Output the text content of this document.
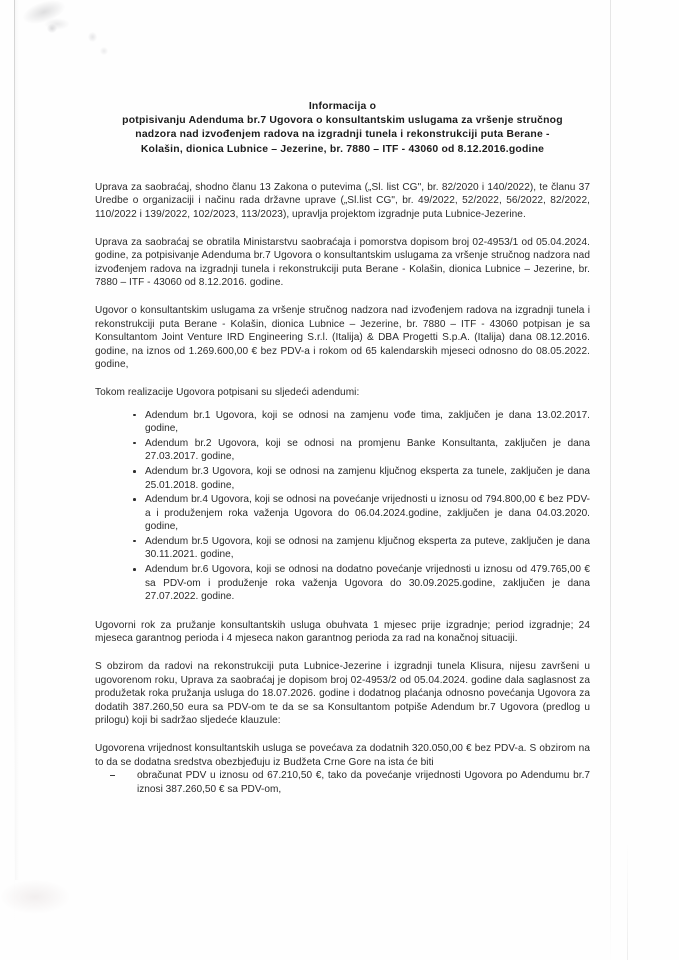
Informacija o
potpisivanju Adenduma br.7 Ugovora o konsultantskim uslugama za vršenje stručnog
nadzora nad izvođenjem radova na izgradnji tunela i rekonstrukciji puta Berane -
Kolašin, dionica Lubnice – Jezerine, br. 7880 – ITF - 43060 od 8.12.2016.godine

Uprava za saobraćaj, shodno članu 13 Zakona o putevima („Sl. list CG", br. 82/2020 i 140/2022), te članu 37 Uredbe o organizaciji i načinu rada državne uprave („Sl.list CG", br. 49/2022, 52/2022, 56/2022, 82/2022, 110/2022 i 139/2022, 102/2023, 113/2023), upravlja projektom izgradnje puta Lubnice-Jezerine.

Uprava za saobraćaj se obratila Ministarstvu saobraćaja i pomorstva dopisom broj 02-4953/1 od 05.04.2024. godine, za potpisivanje Adenduma br.7 Ugovora o konsultantskim uslugama za vršenje stručnog nadzora nad izvođenjem radova na izgradnji tunela i rekonstrukciji puta Berane - Kolašin, dionica Lubnice – Jezerine, br. 7880 – ITF - 43060 od 8.12.2016. godine.

Ugovor o konsultantskim uslugama za vršenje stručnog nadzora nad izvođenjem radova na izgradnji tunela i rekonstrukciji puta Berane - Kolašin, dionica Lubnice – Jezerine, br. 7880 – ITF - 43060 potpisan je sa Konsultantom Joint Venture IRD Engineering S.r.l. (Italija) & DBA Progetti S.p.A. (Italija) dana 08.12.2016. godine, na iznos od 1.269.600,00 € bez PDV-a i rokom od 65 kalendarskih mjeseci odnosno do 08.05.2022. godine,

Tokom realizacije Ugovora potpisani su sljedeći adendumi:

Adendum br.1 Ugovora, koji se odnosi na zamjenu vođe tima, zaključen je dana 13.02.2017. godine,
Adendum br.2 Ugovora, koji se odnosi na promjenu Banke Konsultanta, zaključen je dana 27.03.2017. godine,
Adendum br.3 Ugovora, koji se odnosi na zamjenu ključnog eksperta za tunele, zaključen je dana 25.01.2018. godine,
Adendum br.4 Ugovora, koji se odnosi na povećanje vrijednosti u iznosu od 794.800,00 € bez PDV-a i produženjem roka važenja Ugovora do 06.04.2024.godine, zaključen je dana 04.03.2020. godine,
Adendum br.5 Ugovora, koji se odnosi na zamjenu ključnog eksperta za puteve, zaključen je dana 30.11.2021. godine,
Adendum br.6 Ugovora, koji se odnosi na dodatno povećanje vrijednosti u iznosu od 479.765,00 € sa PDV-om i produženje roka važenja Ugovora do 30.09.2025.godine, zaključen je dana 27.07.2022. godine.

Ugovorni rok za pružanje konsultantskih usluga obuhvata 1 mjesec prije izgradnje; period izgradnje; 24 mjeseca garantnog perioda i 4 mjeseca nakon garantnog perioda za rad na konačnoj situaciji.

S obzirom da radovi na rekonstrukciji puta Lubnice-Jezerine i izgradnji tunela Klisura, nijesu završeni u ugovorenom roku, Uprava za saobraćaj je dopisom broj 02-4953/2 od 05.04.2024. godine dala saglasnost za produžetak roka pružanja usluga do 18.07.2026. godine i dodatnog plaćanja odnosno povećanja Ugovora za dodatih 387.260,50 eura sa PDV-om te da se sa Konsultantom potpiše Adendum br.7 Ugovora (predlog u prilogu) koji bi sadržao sljedeće klauzule:

Ugovorena vrijednost konsultantskih usluga se povećava za dodatnih 320.050,00 € bez PDV-a. S obzirom na to da se dodatna sredstva obezbjeđuju iz Budžeta Crne Gore na ista će biti

obračunat PDV u iznosu od 67.210,50 €, tako da povećanje vrijednosti Ugovora po Adendumu br.7 iznosi 387.260,50 € sa PDV-om,
